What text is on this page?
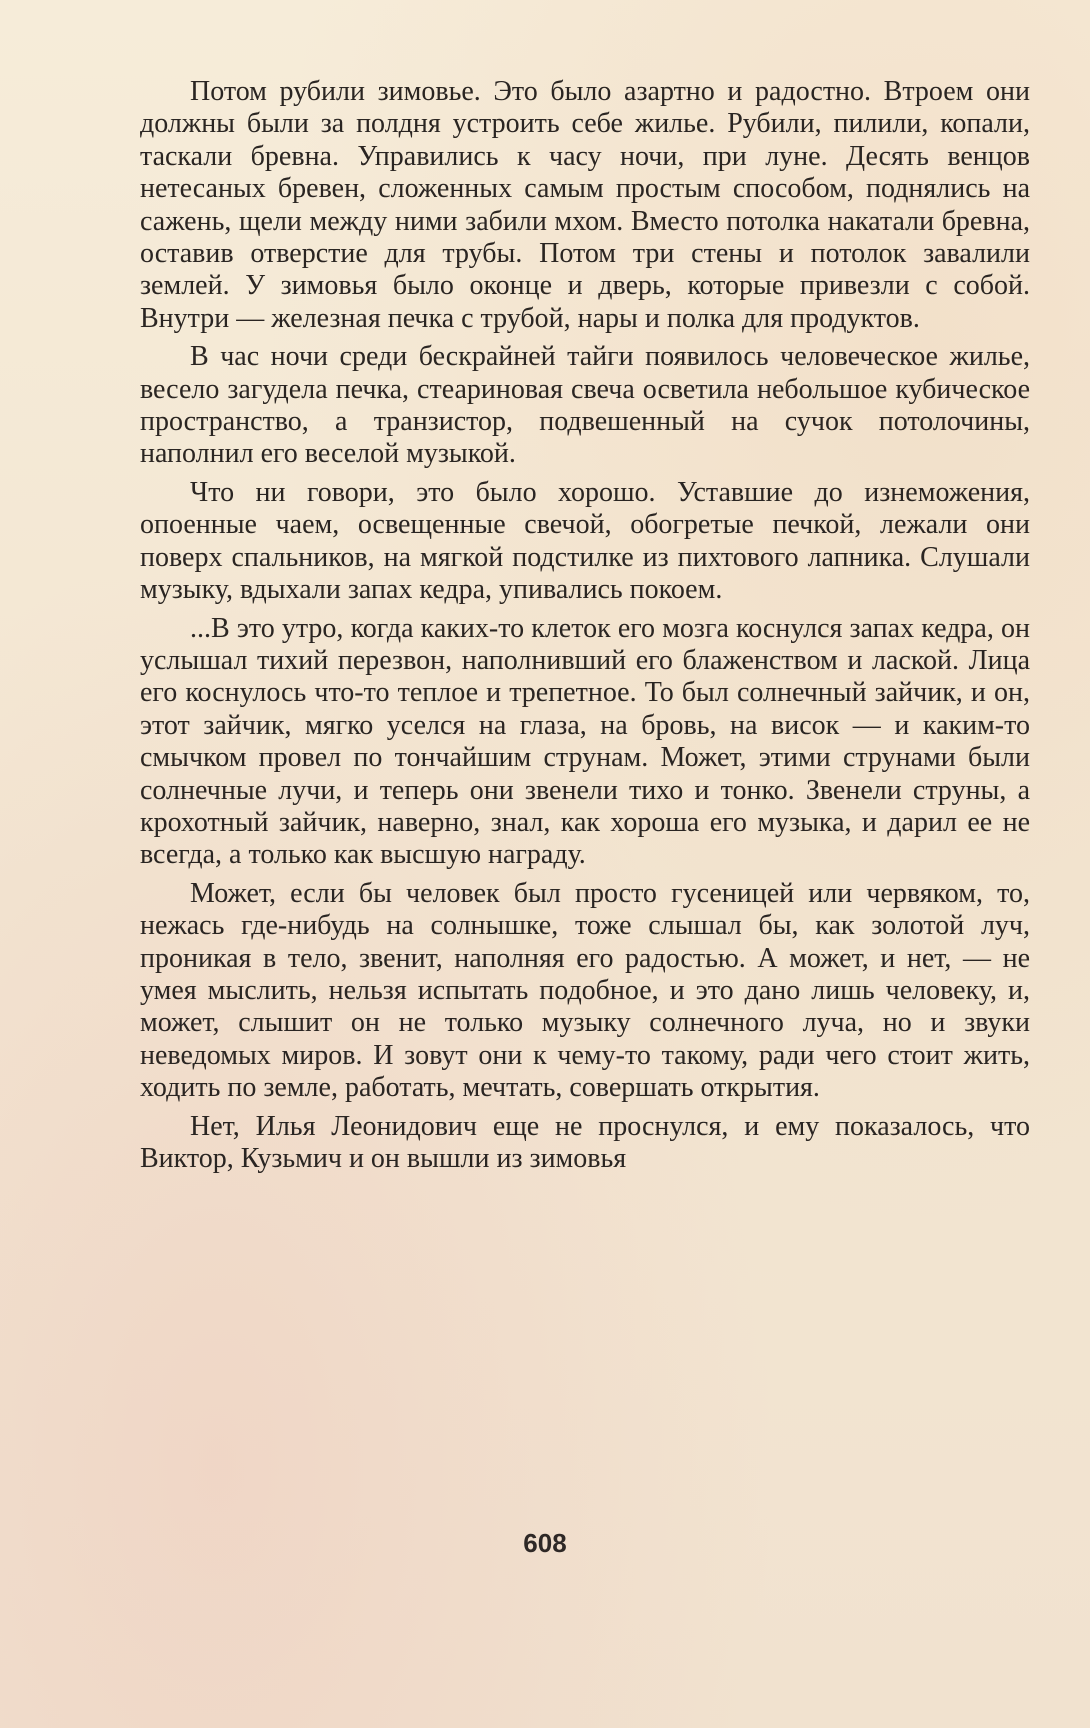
Потом рубили зимовье. Это было азартно и радостно. Втроем они должны были за полдня устроить себе жилье. Рубили, пилили, копали, таскали бревна. Управились к часу ночи, при луне. Десять венцов нетесаных бревен, сложенных самым простым способом, поднялись на сажень, щели между ними забили мхом. Вместо потолка накатали бревна, оставив отверстие для трубы. Потом три стены и потолок завалили землей. У зимовья было оконце и дверь, которые привезли с собой. Внутри — железная печка с трубой, нары и полка для продуктов.

В час ночи среди бескрайней тайги появилось человеческое жилье, весело загудела печка, стеариновая свеча осветила небольшое кубическое пространство, а транзистор, подвешенный на сучок потолочины, наполнил его веселой музыкой.

Что ни говори, это было хорошо. Уставшие до изнеможения, опоенные чаем, освещенные свечой, обогретые печкой, лежали они поверх спальников, на мягкой подстилке из пихтового лапника. Слушали музыку, вдыхали запах кедра, упивались покоем.

...В это утро, когда каких-то клеток его мозга коснулся запах кедра, он услышал тихий перезвон, наполнивший его блаженством и лаской. Лица его коснулось что-то теплое и трепетное. То был солнечный зайчик, и он, этот зайчик, мягко уселся на глаза, на бровь, на висок — и каким-то смычком провел по тончайшим струнам. Может, этими струнами были солнечные лучи, и теперь они звенели тихо и тонко. Звенели струны, а крохотный зайчик, наверно, знал, как хороша его музыка, и дарил ее не всегда, а только как высшую награду.

Может, если бы человек был просто гусеницей или червяком, то, нежась где-нибудь на солнышке, тоже слышал бы, как золотой луч, проникая в тело, звенит, наполняя его радостью. А может, и нет, — не умея мыслить, нельзя испытать подобное, и это дано лишь человеку, и, может, слышит он не только музыку солнечного луча, но и звуки неведомых миров. И зовут они к чему-то такому, ради чего стоит жить, ходить по земле, работать, мечтать, совершать открытия.

Нет, Илья Леонидович еще не проснулся, и ему показалось, что Виктор, Кузьмич и он вышли из зимовья

608
